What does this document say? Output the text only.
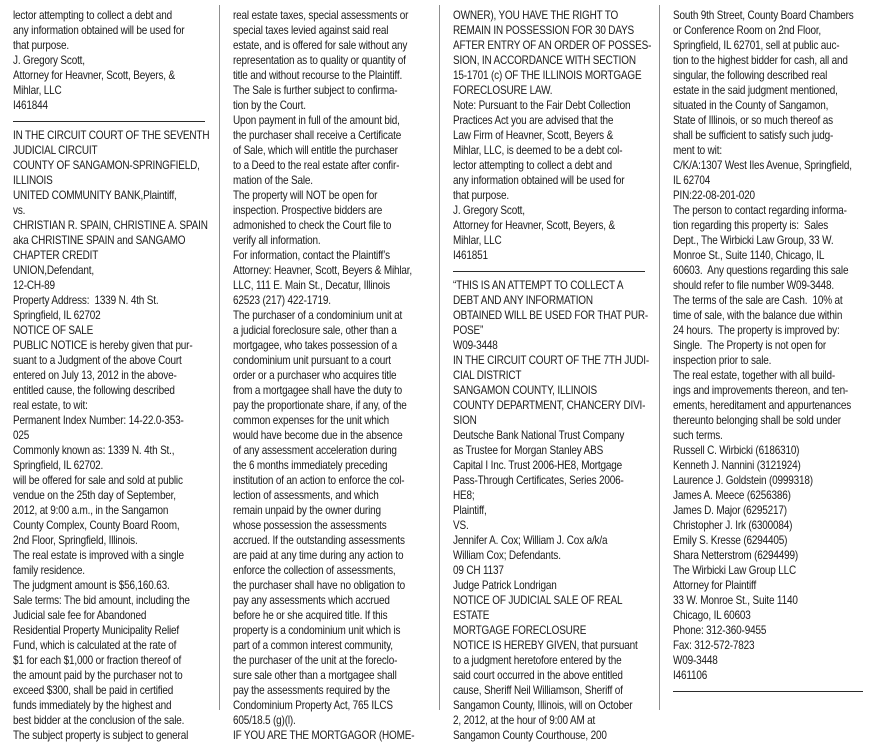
lector attempting to collect a debt and
any information obtained will be used for
that purpose.
J. Gregory Scott,
Attorney for Heavner, Scott, Beyers, &
Mihlar, LLC
I461844
IN THE CIRCUIT COURT OF THE SEVENTH
JUDICIAL CIRCUIT
COUNTY OF SANGAMON-SPRINGFIELD,
ILLINOIS
UNITED COMMUNITY BANK,Plaintiff,
vs.
CHRISTIAN R. SPAIN, CHRISTINE A. SPAIN
aka CHRISTINE SPAIN and SANGAMO
CHAPTER CREDIT
UNION,Defendant,
12-CH-89
Property Address:  1339 N. 4th St.
Springfield, IL 62702
NOTICE OF SALE
PUBLIC NOTICE is hereby given that pur-
suant to a Judgment of the above Court
entered on July 13, 2012 in the above-
entitled cause, the following described
real estate, to wit:
Permanent Index Number: 14-22.0-353-
025
Commonly known as: 1339 N. 4th St.,
Springfield, IL 62702.
will be offered for sale and sold at public
vendue on the 25th day of September,
2012, at 9:00 a.m., in the Sangamon
County Complex, County Board Room,
2nd Floor, Springfield, Illinois.
The real estate is improved with a single
family residence.
The judgment amount is $56,160.63.
Sale terms: The bid amount, including the
Judicial sale fee for Abandoned
Residential Property Municipality Relief
Fund, which is calculated at the rate of
$1 for each $1,000 or fraction thereof of
the amount paid by the purchaser not to
exceed $300, shall be paid in certified
funds immediately by the highest and
best bidder at the conclusion of the sale.
The subject property is subject to general
real estate taxes, special assessments or
special taxes levied against said real
estate, and is offered for sale without any
representation as to quality or quantity of
title and without recourse to the Plaintiff.
The Sale is further subject to confirma-
tion by the Court.
Upon payment in full of the amount bid,
the purchaser shall receive a Certificate
of Sale, which will entitle the purchaser
to a Deed to the real estate after confir-
mation of the Sale.
The property will NOT be open for
inspection. Prospective bidders are
admonished to check the Court file to
verify all information.
For information, contact the Plaintiff’s
Attorney: Heavner, Scott, Beyers & Mihlar,
LLC, 111 E. Main St., Decatur, Illinois
62523 (217) 422-1719.
The purchaser of a condominium unit at
a judicial foreclosure sale, other than a
mortgagee, who takes possession of a
condominium unit pursuant to a court
order or a purchaser who acquires title
from a mortgagee shall have the duty to
pay the proportionate share, if any, of the
common expenses for the unit which
would have become due in the absence
of any assessment acceleration during
the 6 months immediately preceding
institution of an action to enforce the col-
lection of assessments, and which
remain unpaid by the owner during
whose possession the assessments
accrued. If the outstanding assessments
are paid at any time during any action to
enforce the collection of assessments,
the purchaser shall have no obligation to
pay any assessments which accrued
before he or she acquired title. If this
property is a condominium unit which is
part of a common interest community,
the purchaser of the unit at the foreclo-
sure sale other than a mortgagee shall
pay the assessments required by the
Condominium Property Act, 765 ILCS
605/18.5 (g)(l).
IF YOU ARE THE MORTGAGOR (HOME-
OWNER), YOU HAVE THE RIGHT TO
REMAIN IN POSSESSION FOR 30 DAYS
AFTER ENTRY OF AN ORDER OF POSSES-
SION, IN ACCORDANCE WITH SECTION
15-1701 (c) OF THE ILLINOIS MORTGAGE
FORECLOSURE LAW.
Note: Pursuant to the Fair Debt Collection
Practices Act you are advised that the
Law Firm of Heavner, Scott, Beyers &
Mihlar, LLC, is deemed to be a debt col-
lector attempting to collect a debt and
any information obtained will be used for
that purpose.
J. Gregory Scott,
Attorney for Heavner, Scott, Beyers, &
Mihlar, LLC
I461851
“THIS IS AN ATTEMPT TO COLLECT A
DEBT AND ANY INFORMATION
OBTAINED WILL BE USED FOR THAT PUR-
POSE”
W09-3448
IN THE CIRCUIT COURT OF THE 7TH JUDI-
CIAL DISTRICT
SANGAMON COUNTY, ILLINOIS
COUNTY DEPARTMENT, CHANCERY DIVI-
SION
Deutsche Bank National Trust Company
as Trustee for Morgan Stanley ABS
Capital I Inc. Trust 2006-HE8, Mortgage
Pass-Through Certificates, Series 2006-
HE8;
Plaintiff,
VS.
Jennifer A. Cox; William J. Cox a/k/a
William Cox; Defendants.
09 CH 1137
Judge Patrick Londrigan
NOTICE OF JUDICIAL SALE OF REAL
ESTATE
MORTGAGE FORECLOSURE
NOTICE IS HEREBY GIVEN, that pursuant
to a judgment heretofore entered by the
said court occurred in the above entitled
cause, Sheriff Neil Williamson, Sheriff of
Sangamon County, Illinois, will on October
2, 2012, at the hour of 9:00 AM at
Sangamon County Courthouse, 200
South 9th Street, County Board Chambers
or Conference Room on 2nd Floor,
Springfield, IL 62701, sell at public auc-
tion to the highest bidder for cash, all and
singular, the following described real
estate in the said judgment mentioned,
situated in the County of Sangamon,
State of Illinois, or so much thereof as
shall be sufficient to satisfy such judg-
ment to wit:
C/K/A:1307 West Iles Avenue, Springfield,
IL 62704
PIN:22-08-201-020
The person to contact regarding informa-
tion regarding this property is:  Sales
Dept., The Wirbicki Law Group, 33 W.
Monroe St., Suite 1140, Chicago, IL
60603.  Any questions regarding this sale
should refer to file number W09-3448.
The terms of the sale are Cash.  10% at
time of sale, with the balance due within
24 hours.  The property is improved by:
Single.  The Property is not open for
inspection prior to sale.
The real estate, together with all build-
ings and improvements thereon, and ten-
ements, hereditament and appurtenances
thereunto belonging shall be sold under
such terms.
Russell C. Wirbicki (6186310)
Kenneth J. Nannini (3121924)
Laurence J. Goldstein (0999318)
James A. Meece (6256386)
James D. Major (6295217)
Christopher J. Irk (6300084)
Emily S. Kresse (6294405)
Shara Netterstrom (6294499)
The Wirbicki Law Group LLC
Attorney for Plaintiff
33 W. Monroe St., Suite 1140
Chicago, IL 60603
Phone: 312-360-9455
Fax: 312-572-7823
W09-3448
I461106
